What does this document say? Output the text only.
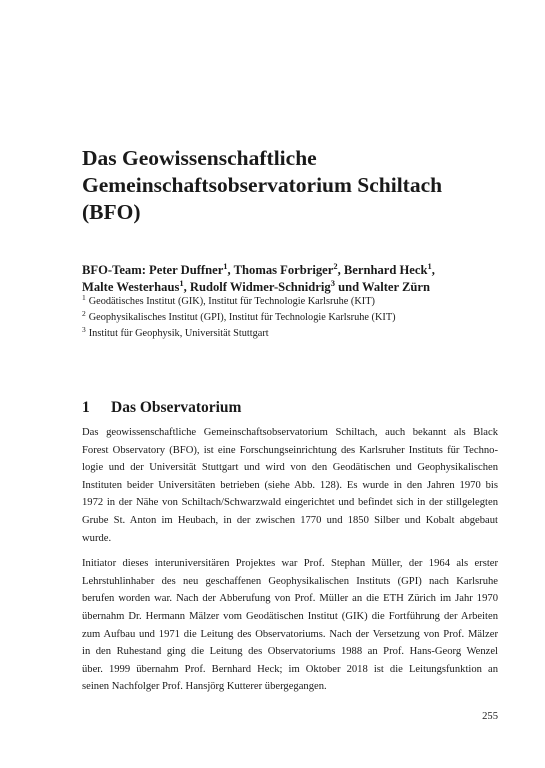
Das Geowissenschaftliche
Gemeinschaftsobservatorium Schiltach
(BFO)
BFO-Team: Peter Duffner$^1$, Thomas Forbriger$^2$, Bernhard Heck$^1$,
Malte Westerhaus$^1$, Rudolf Widmer-Schnidrig$^3$ und Walter Zürn
$^1$ Geodätisches Institut (GIK), Institut für Technologie Karlsruhe (KIT)
$^2$ Geophysikalisches Institut (GPI), Institut für Technologie Karlsruhe (KIT)
$^3$ Institut für Geophysik, Universität Stuttgart
1 Das Observatorium
Das geowissenschaftliche Gemeinschaftsobservatorium Schiltach, auch bekannt als Black
Forest Observatory (BFO), ist eine Forschungseinrichtung des Karlsruher Instituts für Techno-
logie und der Universität Stuttgart und wird von den Geodätischen und Geophysikalischen
Instituten beider Universitäten betrieben (siehe Abb. 128). Es wurde in den Jahren 1970 bis
1972 in der Nähe von Schiltach/Schwarzwald eingerichtet und befindet sich in der stillgelegten
Grube St. Anton im Heubach, in der zwischen 1770 und 1850 Silber und Kobalt abgebaut
wurde.
Initiator dieses interuniversitären Projektes war Prof. Stephan Müller, der 1964 als erster
Lehrstuhlinhaber des neu geschaffenen Geophysikalischen Instituts (GPI) nach Karlsruhe
berufen worden war. Nach der Abberufung von Prof. Müller an die ETH Zürich im Jahr 1970
übernahm Dr. Hermann Mälzer vom Geodätischen Institut (GIK) die Fortführung der Arbeiten
zum Aufbau und 1971 die Leitung des Observatoriums. Nach der Versetzung von Prof. Mälzer
in den Ruhestand ging die Leitung des Observatoriums 1988 an Prof. Hans-Georg Wenzel
über. 1999 übernahm Prof. Bernhard Heck; im Oktober 2018 ist die Leitungsfunktion an
seinen Nachfolger Prof. Hansjörg Kutterer übergegangen.
255
